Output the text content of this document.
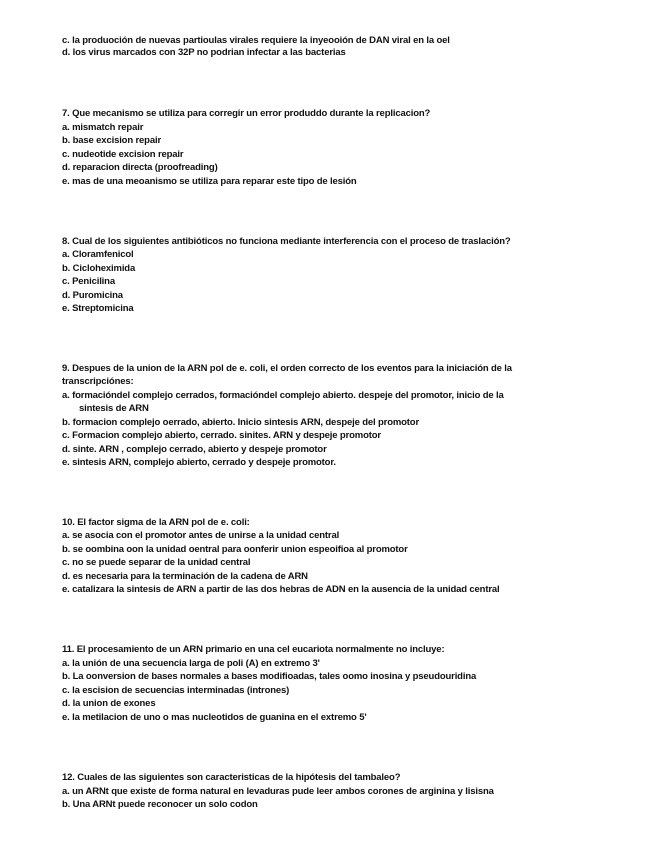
c. la produoción de nuevas partioulas virales requiere la inyeooión de DAN viral en la oel
d. los virus marcados con 32P no podrian infectar a las bacterias
7. Que mecanismo se utiliza para corregir un error produddo durante la replicacion?
a. mismatch repair
b. base excision repair
c. nudeotide excision repair
d. reparacion directa (proofreading)
e. mas de una meoanismo se utiliza para reparar este tipo de lesión
8. Cual de los siguientes antibióticos no funciona mediante interferencia con el proceso de traslación?
a. Cloramfenicol
b. Cicloheximida
c. Penicilina
d. Puromicina
e. Streptomicina
9. Despues de la union de la ARN pol de e. coli, el orden correcto de los eventos para la iniciación de la
transcripciónes:
a. formacióndel complejo cerrados, formacióndel complejo abierto. despeje del promotor, inicio de la
sintesis de ARN
b. formacion complejo oerrado, abierto. Inicio sintesis ARN, despeje del promotor
c. Formacion complejo abierto, cerrado. sinites. ARN y despeje promotor
d. sinte. ARN , complejo cerrado, abierto y despeje promotor
e. sintesis ARN, complejo abierto, cerrado y despeje promotor.
10. El factor sigma de la ARN pol de e. coli:
a. se asocia con el promotor antes de unirse a la unidad central
b. se oombina oon la unidad oentral para oonferir union espeoifioa al promotor
c. no se puede separar de la unidad central
d. es necesaria para la terminación de la cadena de ARN
e. catalizara la sintesis de ARN a partir de las dos hebras de ADN en la ausencia de la unidad central
11. El procesamiento de un ARN primario en una cel eucariota normalmente no incluye:
a. la unión de una secuencia larga de poli (A) en extremo 3'
b. La oonversion de bases normales a bases modifioadas, tales oomo inosina y pseudouridina
c. la escision de secuencias interminadas (intrones)
d. la union de exones
e. la metilacion de uno o mas nucleotidos de guanina en el extremo 5'
12. Cuales de las siguientes son caracteristicas de la hipótesis del tambaleo?
a. un ARNt que existe de forma natural en levaduras pude leer ambos corones de arginina y lisisna
b. Una ARNt puede reconocer un solo codon
